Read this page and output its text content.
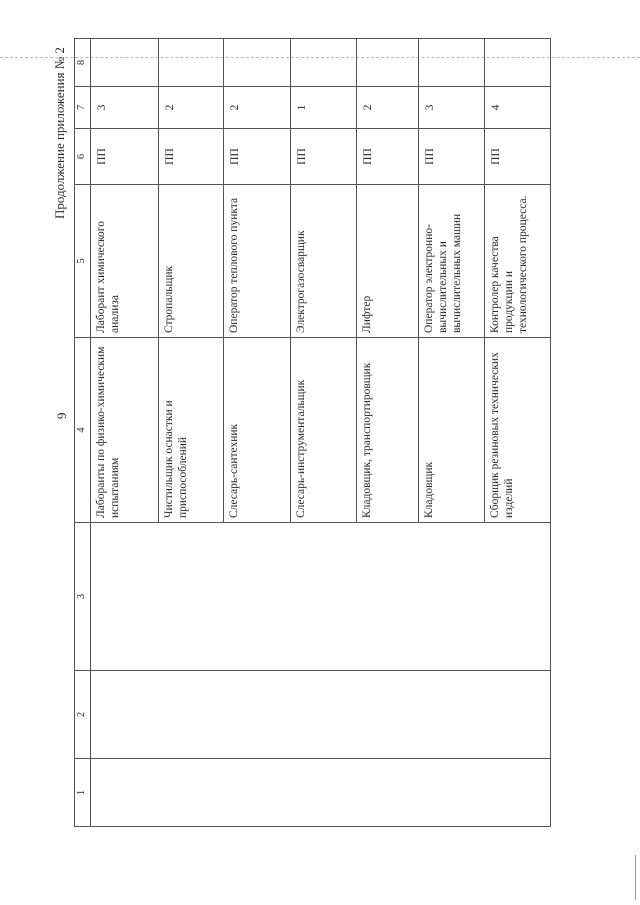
9
Продолжение приложения № 2
1	2	3	4	5	6	7	8
			Лаборанты по физико-химическим испытаниям	Лаборант химического анализа	ПП	3	
			Чистильщик оснастки и приспособлений	Стропальщик	ПП	2	
			Слесарь-сантехник	Оператор теплового пункта	ПП	2	
			Слесарь-инструментальщик	Электрогазосварщик	ПП	1	
			Кладовщик, транспортировщик	Лифтер	ПП	2	
			Кладовщик	Оператор электронно-вычислительных и вычислительных машин	ПП	3	
			Сборщик резиновых технических изделий	Контролер качества продукции и технологического процесса.	ПП	4	
